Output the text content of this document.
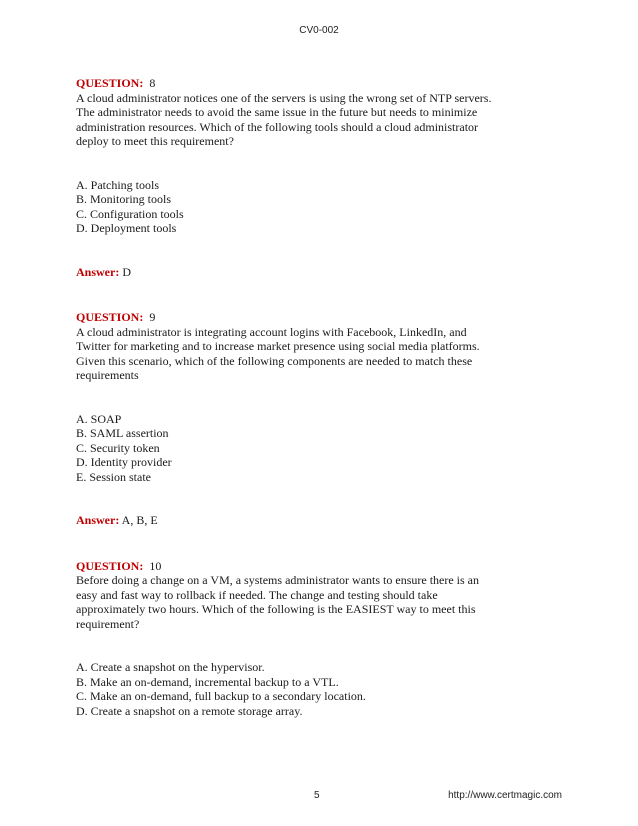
CV0-002
QUESTION: 8
A cloud administrator notices one of the servers is using the wrong set of NTP servers.
The administrator needs to avoid the same issue in the future but needs to minimize
administration resources. Which of the following tools should a cloud administrator
deploy to meet this requirement?
A. Patching tools
B. Monitoring tools
C. Configuration tools
D. Deployment tools
Answer: D
QUESTION: 9
A cloud administrator is integrating account logins with Facebook, LinkedIn, and
Twitter for marketing and to increase market presence using social media platforms.
Given this scenario, which of the following components are needed to match these
requirements
A. SOAP
B. SAML assertion
C. Security token
D. Identity provider
E. Session state
Answer: A, B, E
QUESTION: 10
Before doing a change on a VM, a systems administrator wants to ensure there is an
easy and fast way to rollback if needed. The change and testing should take
approximately two hours. Which of the following is the EASIEST way to meet this
requirement?
A. Create a snapshot on the hypervisor.
B. Make an on-demand, incremental backup to a VTL.
C. Make an on-demand, full backup to a secondary location.
D. Create a snapshot on a remote storage array.
5	http://www.certmagic.com
